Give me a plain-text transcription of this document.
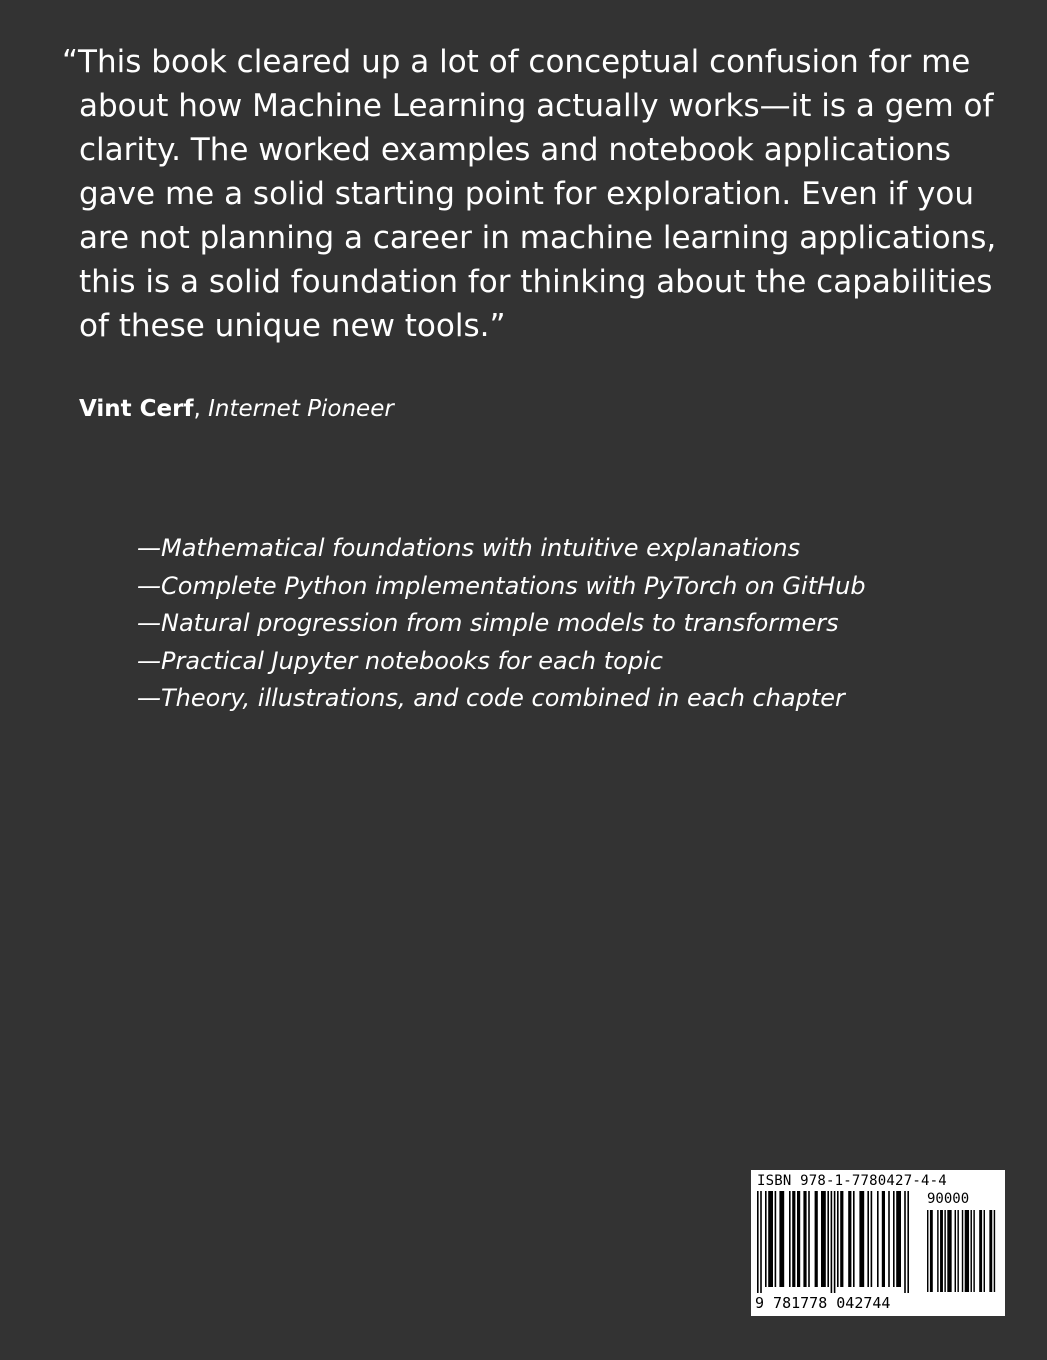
“This book cleared up a lot of conceptual confusion for me
about how Machine Learning actually works—it is a gem of
clarity. The worked examples and notebook applications
gave me a solid starting point for exploration. Even if you
are not planning a career in machine learning applications,
this is a solid foundation for thinking about the capabilities
of these unique new tools.”
Vint Cerf, Internet Pioneer
—Mathematical foundations with intuitive explanations
—Complete Python implementations with PyTorch on GitHub
—Natural progression from simple models to transformers
—Practical Jupyter notebooks for each topic
—Theory, illustrations, and code combined in each chapter
ISBN 978-1-7780427-4-4
90000
9 781778 042744
